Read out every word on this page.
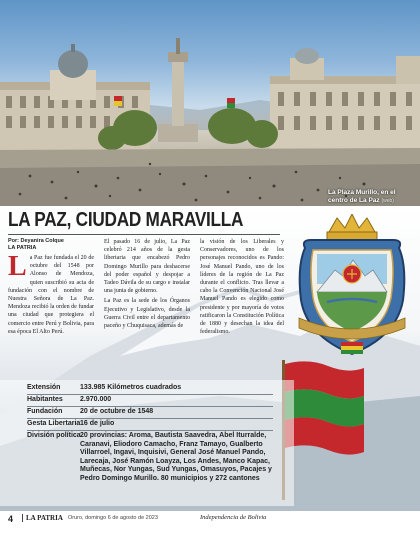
La Plaza Murillo, en el centro de La Paz (web)
LA PAZ, CIUDAD MARAVILLA
Por: Deyanira Colque
LA PATRIA
L a Paz fue fundada el 20 de octubre del 1548 por Alonso de Mendoza, quien suscribió su acta de fundación con el nombre de Nuestra Señora de La Paz. Mendoza recibió la orden de fundar una ciudad que protegiera el comercio entre Perú y Bolivia, para esa época El Alto Perú.

El pasado 16 de julio, La Paz celebró 214 años de la gesta libertaria que encabezó Pedro Domingo Murillo para deshacerse del poder español y despojar a Tadeo Dávila de su cargo e instalar una junta de gobierno.

La Paz es la sede de los Órganos Ejecutivo y Legislativo, desde la Guerra Civil entre el departamento paceño y Chuquisaca, además de

la visión de los Liberales y Conservadores, uno de los personajes reconocidos es Pando: José Manuel Pando, uno de los líderes de la región de La Paz durante el conflicto. Tras llevar a cabo la Convención Nacional José Manuel Pando es elegido como presidente y por mayoría de votos ratificaron la Constitución Política de 1880 y desechan la idea del federalismo.

Extensión	133.985 Kilómetros cuadrados
Habitantes	2.970.000
Fundación	20 de octubre de 1548
Gesta Libertaria 16 de julio
División política 20 provincias: Aroma, Bautista Saavedra, Abel Iturralde, Caranavi, Eliodoro Camacho, Franz Tamayo, Gualberto Villarroel, Ingavi, Inquisivi, General José Manuel Pando, Larecaja, José Ramón Loayza, Los Andes, Manco Kapac, Muñecas, Nor Yungas, Sud Yungas, Omasuyos, Pacajes y Pedro Domingo Murillo. 80 municipios y 272 cantones
4	LA PATRIA Oruro, domingo 6 de agosto de 2023	Independencia de Bolivia
